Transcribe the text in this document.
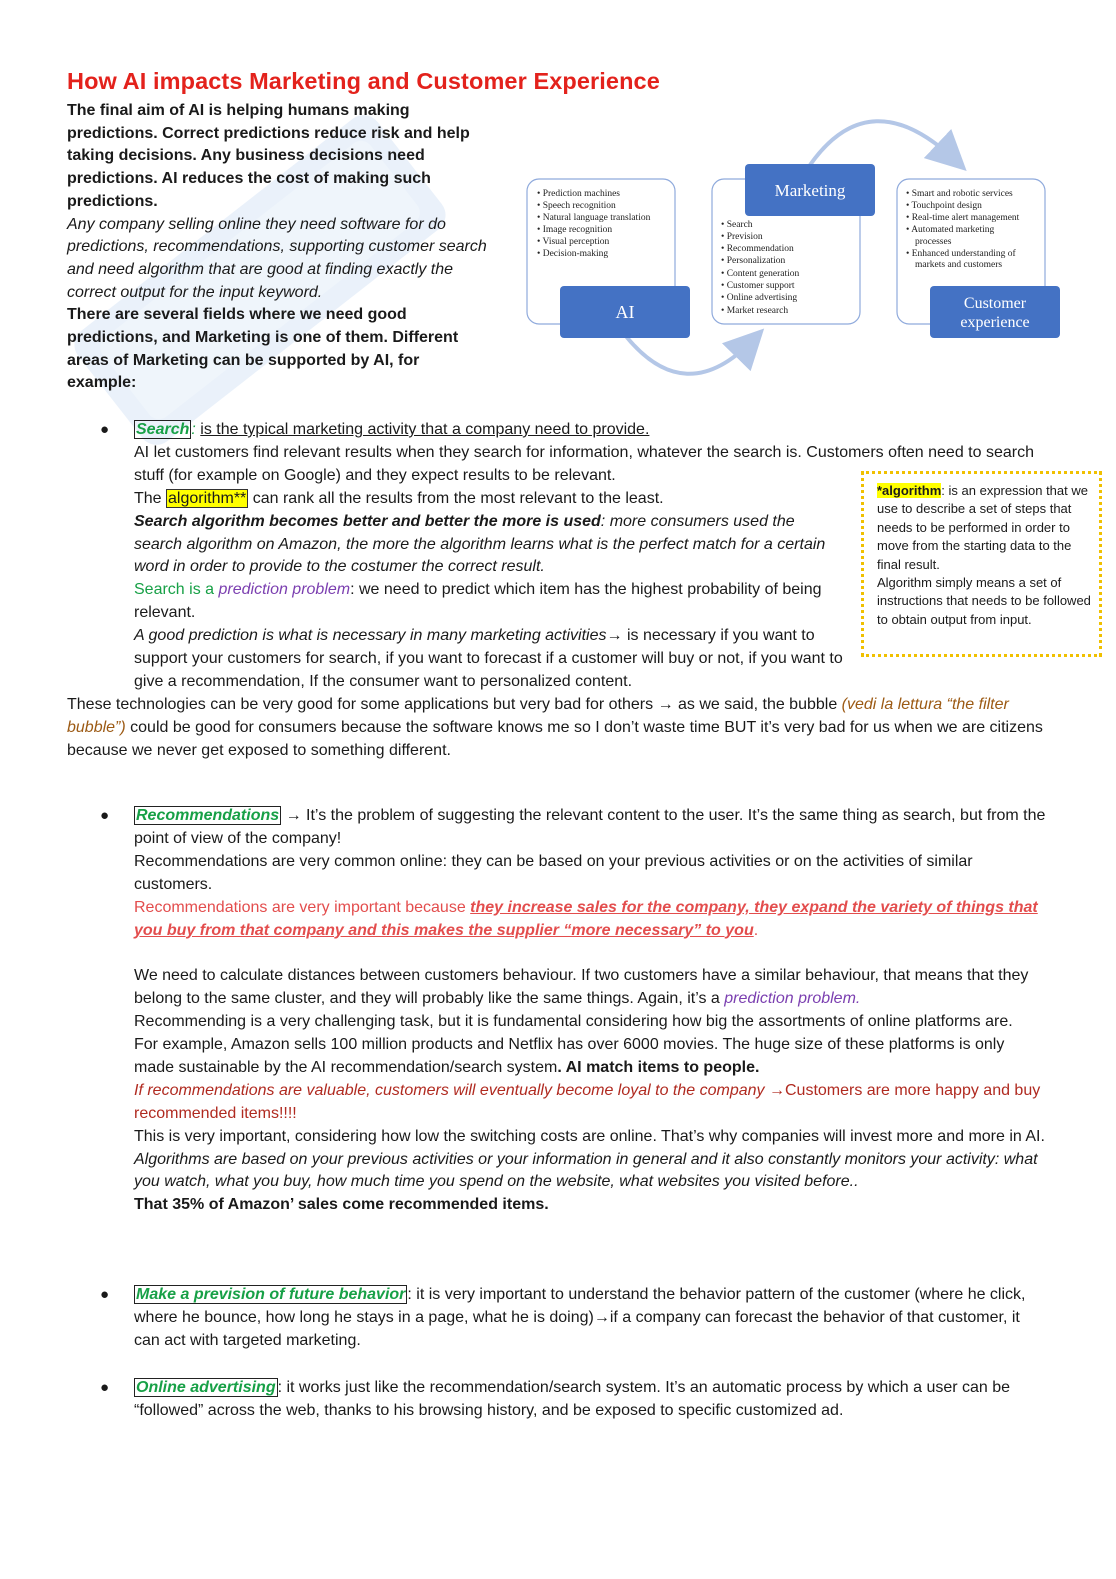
How AI impacts Marketing and Customer Experience

The final aim of AI is helping humans making predictions. Correct predictions reduce risk and help taking decisions. Any business decisions need predictions. AI reduces the cost of making such predictions.

Any company selling online they need software for do predictions, recommendations, supporting customer search and need algorithm that are good at finding exactly the correct output for the input keyword.

There are several fields where we need good predictions, and Marketing is one of them. Different areas of Marketing can be supported by AI, for example:

• Prediction machines
• Speech recognition
• Natural language translation
• Image recognition
• Visual perception
• Decision-making
AI
Marketing
• Search
• Prevision
• Recommendation
• Personalization
• Content generation
• Customer support
• Online advertising
• Market research
• Smart and robotic services
• Touchpoint design
• Real-time alert management
• Automated marketing
processes
• Enhanced understanding of
markets and customers
Customer
experience
*algorithm: is an expression that we use to describe a set of steps that needs to be performed in order to move from the starting data to the final result.
Algorithm simply means a set of instructions that needs to be followed to obtain output from input.
● Search : is the typical marketing activity that a company need to provide.

AI let customers find relevant results when they search for information, whatever the search is. Customers often need to search stuff (for example on Google) and they expect results to be relevant.

The algorithm** can rank all the results from the most relevant to the least.

Search algorithm becomes better and better the more is used: more consumers used the search algorithm on Amazon, the more the algorithm learns what is the perfect match for a certain word in order to provide to the costumer the correct result.

Search is a prediction problem: we need to predict which item has the highest probability of being relevant.

A good prediction is what is necessary in many marketing activities→ is necessary if you want to support your customers for search, if you want to forecast if a customer will buy or not, if you want to give a recommendation, If the consumer want to personalized content.

These technologies can be very good for some applications but very bad for others → as we said, the bubble (vedi la lettura “the filter bubble”) could be good for consumers because the software knows me so I don’t waste time BUT it’s very bad for us when we are citizens because we never get exposed to something different.

● Recommendations → It’s the problem of suggesting the relevant content to the user. It’s the same thing as search, but from the point of view of the company!

Recommendations are very common online: they can be based on your previous activities or on the activities of similar customers.

Recommendations are very important because they increase sales for the company, they expand the variety of things that you buy from that company and this makes the supplier “more necessary” to you.

We need to calculate distances between customers behaviour. If two customers have a similar behaviour, that means that they belong to the same cluster, and they will probably like the same things. Again, it’s a prediction problem.

Recommending is a very challenging task, but it is fundamental considering how big the assortments of online platforms are.

For example, Amazon sells 100 million products and Netflix has over 6000 movies. The huge size of these platforms is only made sustainable by the AI recommendation/search system. AI match items to people.

If recommendations are valuable, customers will eventually become loyal to the company →Customers are more happy and buy recommended items!!!!

This is very important, considering how low the switching costs are online. That’s why companies will invest more and more in AI.

Algorithms are based on your previous activities or your information in general and it also constantly monitors your activity: what you watch, what you buy, how much time you spend on the website, what websites you visited before..

That 35% of Amazon’ sales come recommended items.

● Make a prevision of future behavior : it is very important to understand the behavior pattern of the customer (where he click, where he bounce, how long he stays in a page, what he is doing)→if a company can forecast the behavior of that customer, it can act with targeted marketing.

● Online advertising : it works just like the recommendation/search system. It’s an automatic process by which a user can be “followed” across the web, thanks to his browsing history, and be exposed to specific customized ad.
